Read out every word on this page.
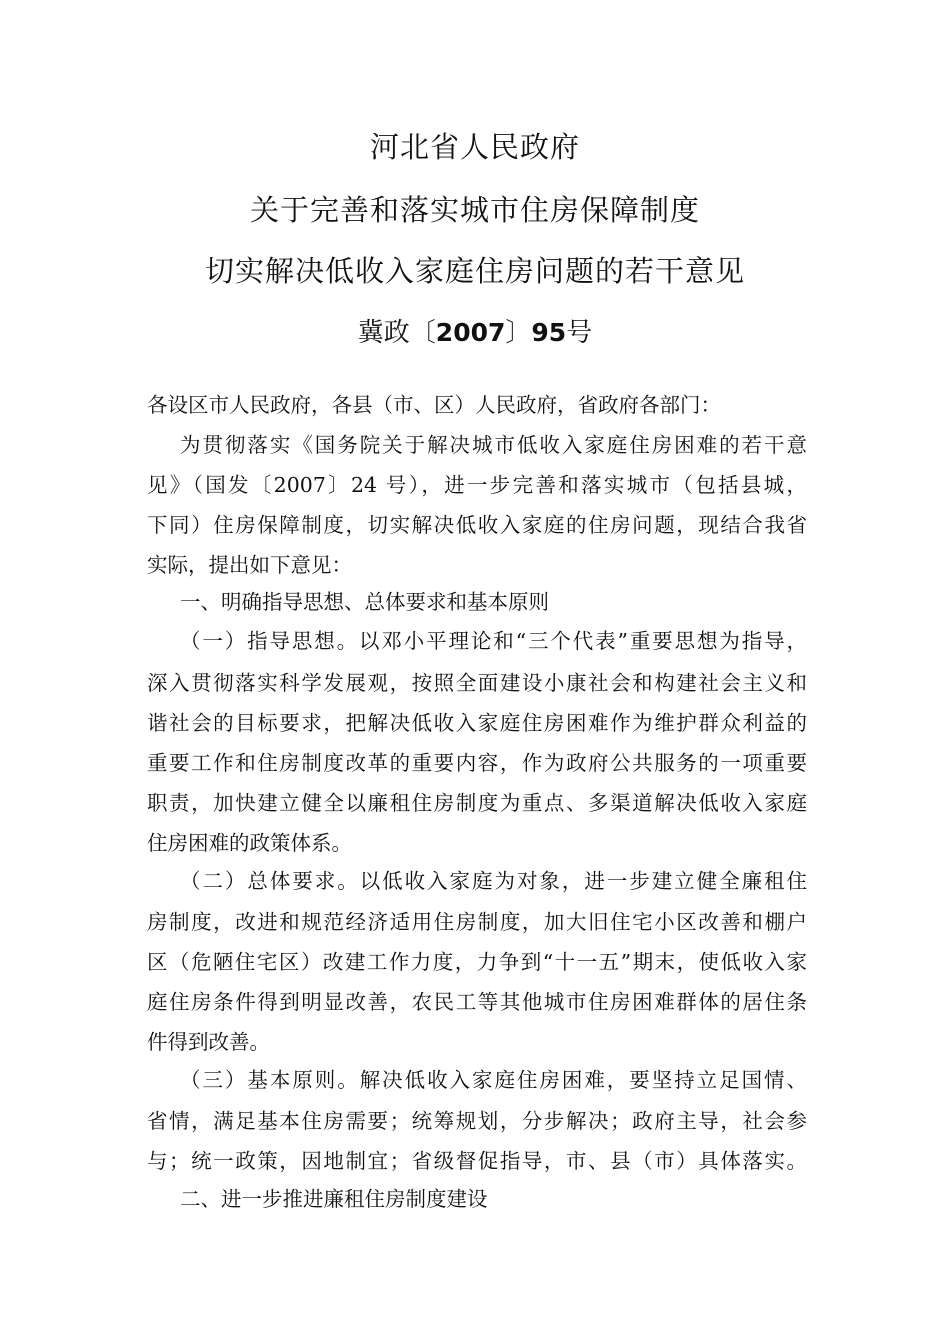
河北省人民政府
关于完善和落实城市住房保障制度
切实解决低收入家庭住房问题的若干意见
冀政〔2007〕95号
各设区市人民政府，各县（市、区）人民政府，省政府各部门：
为贯彻落实《国务院关于解决城市低收入家庭住房困难的若干意
见》（国发〔2007〕24 号），进一步完善和落实城市（包括县城，
下同）住房保障制度，切实解决低收入家庭的住房问题，现结合我省
实际，提出如下意见：
一、明确指导思想、总体要求和基本原则
（一）指导思想。以邓小平理论和“三个代表”重要思想为指导，
深入贯彻落实科学发展观，按照全面建设小康社会和构建社会主义和
谐社会的目标要求，把解决低收入家庭住房困难作为维护群众利益的
重要工作和住房制度改革的重要内容，作为政府公共服务的一项重要
职责，加快建立健全以廉租住房制度为重点、多渠道解决低收入家庭
住房困难的政策体系。
（二）总体要求。以低收入家庭为对象，进一步建立健全廉租住
房制度，改进和规范经济适用住房制度，加大旧住宅小区改善和棚户
区（危陋住宅区）改建工作力度，力争到“十一五”期末，使低收入家
庭住房条件得到明显改善，农民工等其他城市住房困难群体的居住条
件得到改善。
（三）基本原则。解决低收入家庭住房困难，要坚持立足国情、
省情，满足基本住房需要；统筹规划，分步解决；政府主导，社会参
与；统一政策，因地制宜；省级督促指导，市、县（市）具体落实。
二、进一步推进廉租住房制度建设
